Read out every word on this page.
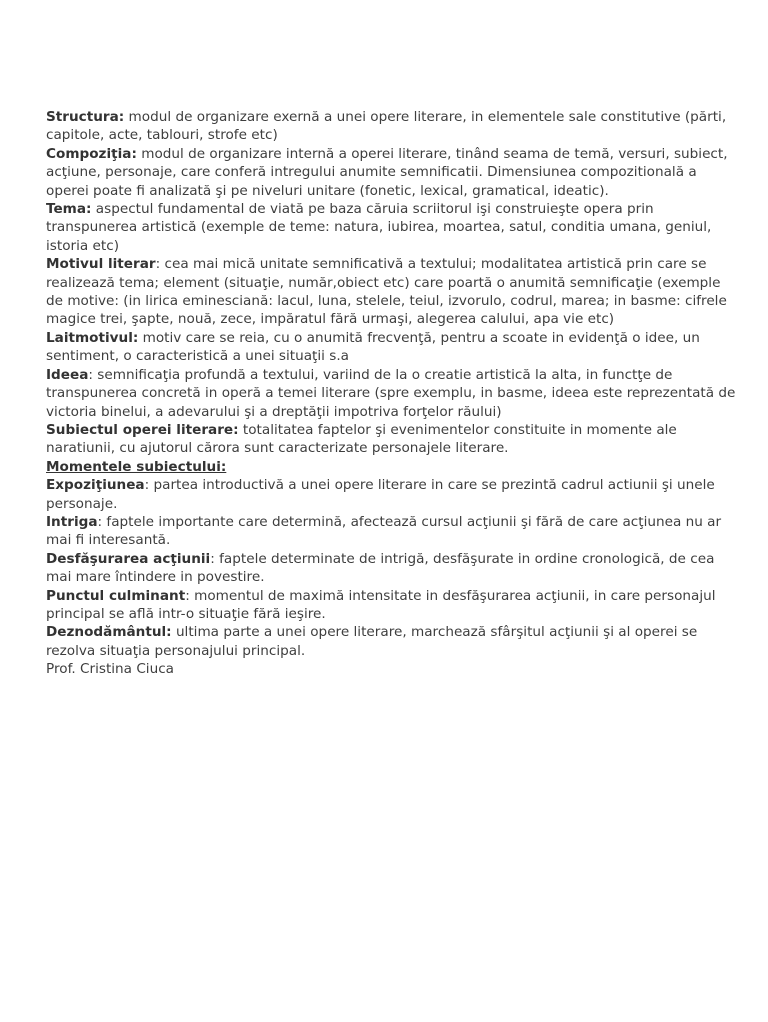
Structura: modul de organizare exernă a unei opere literare, in elementele sale constitutive (părti, capitole, acte, tablouri, strofe etc)

Compoziţia: modul de organizare internă a operei literare, tinând seama de temă, versuri, subiect, acţiune, personaje, care conferă intregului anumite semnificatii. Dimensiunea compozitională a operei poate fi analizată şi pe niveluri unitare (fonetic, lexical, gramatical, ideatic).

Tema: aspectul fundamental de viată pe baza căruia scriitorul işi construieşte opera prin transpunerea artistică (exemple de teme: natura, iubirea, moartea, satul, conditia umana, geniul, istoria etc)

Motivul literar: cea mai mică unitate semnificativă a textului; modalitatea artistică prin care se realizează tema; element (situaţie, număr,obiect etc) care poartă o anumită semnificaţie (exemple de motive: (in lirica eminesciană: lacul, luna, stelele, teiul, izvorulo, codrul, marea; in basme: cifrele magice trei, şapte, nouă, zece, impăratul fără urmaşi, alegerea calului, apa vie etc)

Laitmotivul: motiv care se reia, cu o anumită frecvenţă, pentru a scoate in evidenţă o idee, un sentiment, o caracteristică a unei situaţii s.a

Ideea: semnificaţia profundă a textului, variind de la o creatie artistică la alta, in functţe de transpunerea concretă in operă a temei literare (spre exemplu, in basme, ideea este reprezentată de victoria binelui, a adevarului şi a dreptăţii impotriva forţelor răului)

Subiectul operei literare: totalitatea faptelor şi evenimentelor constituite in momente ale naratiunii, cu ajutorul cărora sunt caracterizate personajele literare.

Momentele subiectului:

Expoziţiunea: partea introductivă a unei opere literare in care se prezintă cadrul actiunii şi unele personaje.

Intriga: faptele importante care determină, afectează cursul acţiunii şi fără de care acţiunea nu ar mai fi interesantă.

Desfăşurarea acţiunii: faptele determinate de intrigă, desfăşurate in ordine cronologică, de cea mai mare întindere in povestire.

Punctul culminant: momentul de maximă intensitate in desfăşurarea acţiunii, in care personajul principal se află intr-o situaţie fără ieşire.

Deznodământul: ultima parte a unei opere literare, marchează sfârşitul acţiunii şi al operei se rezolva situaţia personajului principal.

Prof. Cristina Ciuca
